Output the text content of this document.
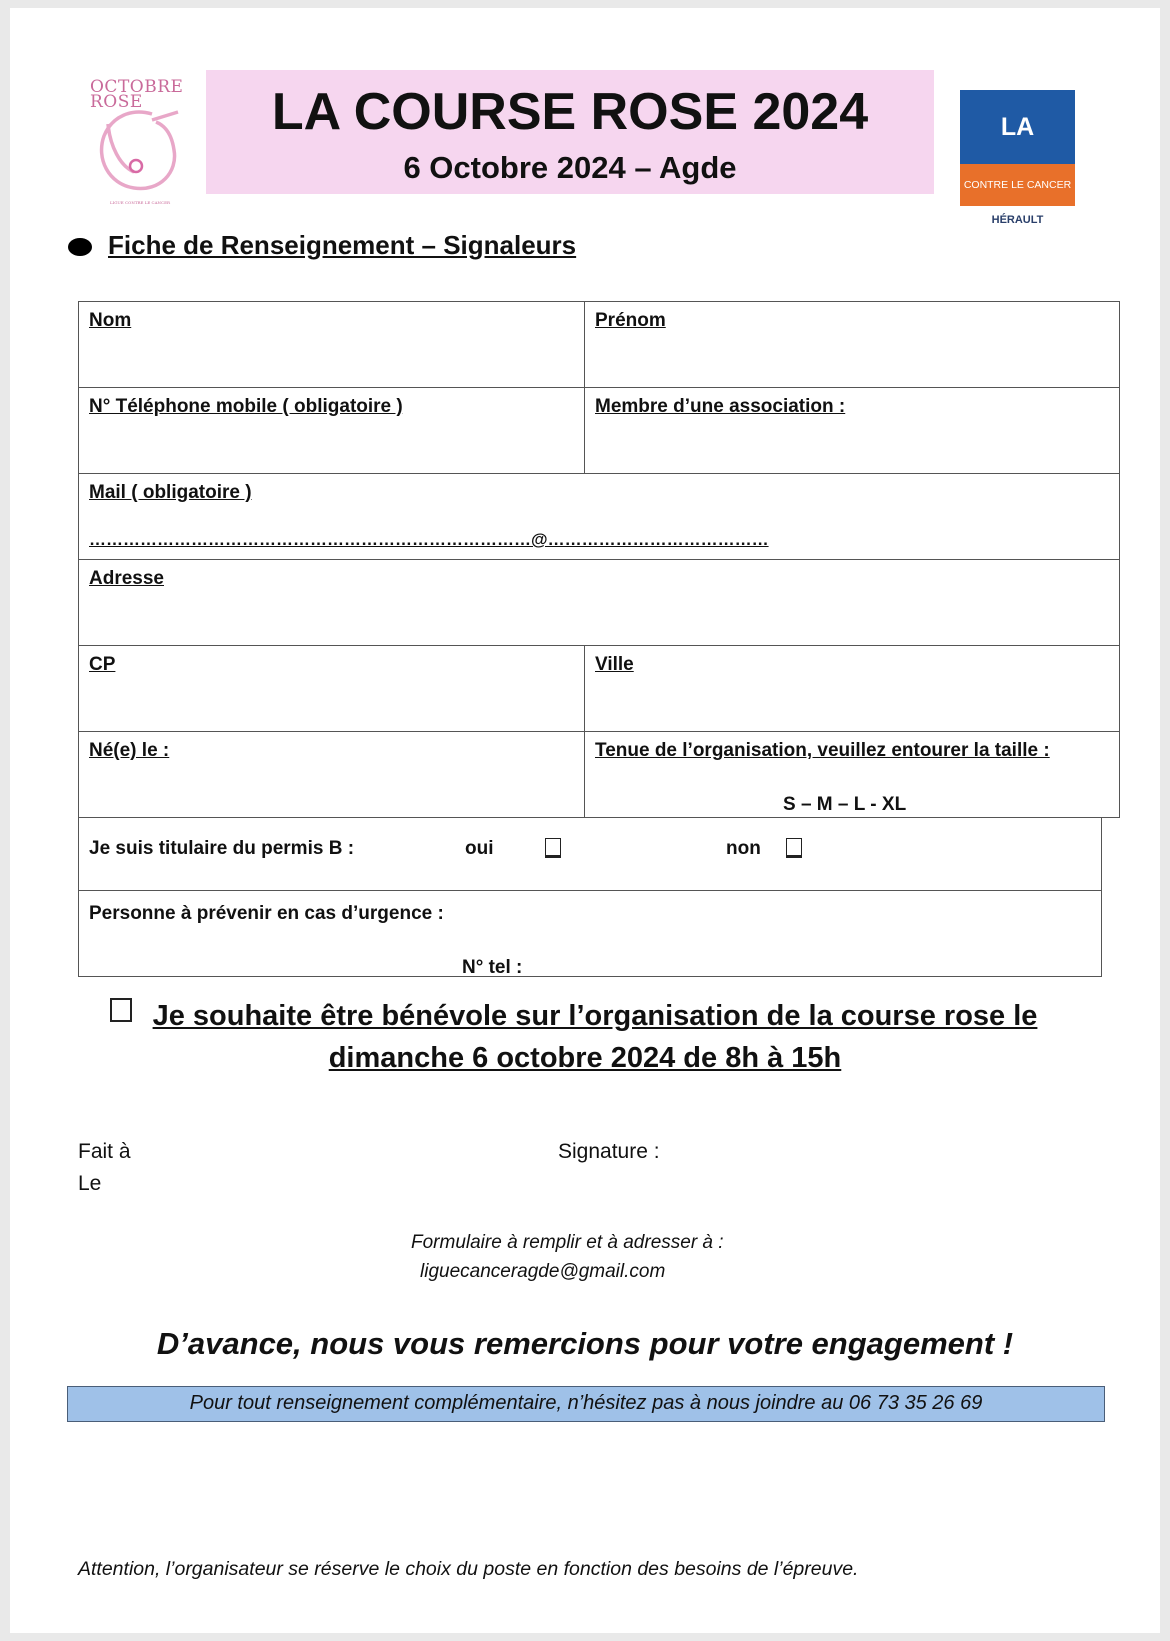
OCTOBRE
ROSE
LIGUE CONTRE LE CANCER
LA COURSE ROSE 2024
6 Octobre 2024 – Agde
LA
CONTRE LE CANCER
HÉRAULT
Fiche de Renseignement – Signaleurs
Nom	Prénom
N° Téléphone mobile ( obligatoire )	Membre d’une association :
Mail ( obligatoire )
……………………………………………………………………@…………………………………
Adresse
CP	Ville
Né(e) le :	Tenue de l’organisation, veuillez entourer la taille :
S – M – L - XL
Je suis titulaire du permis B :	oui	non
Personne à prévenir en cas d’urgence :
N° tel :
Je souhaite être bénévole sur l’organisation de la course rose le
dimanche 6 octobre 2024 de 8h à 15h
Fait à
Le
Signature :
Formulaire à remplir et à adresser à :
liguecanceragde@gmail.com
D’avance, nous vous remercions pour votre engagement !
Pour tout renseignement complémentaire, n’hésitez pas à nous joindre au 06 73 35 26 69
Attention, l’organisateur se réserve le choix du poste en fonction des besoins de l’épreuve.
